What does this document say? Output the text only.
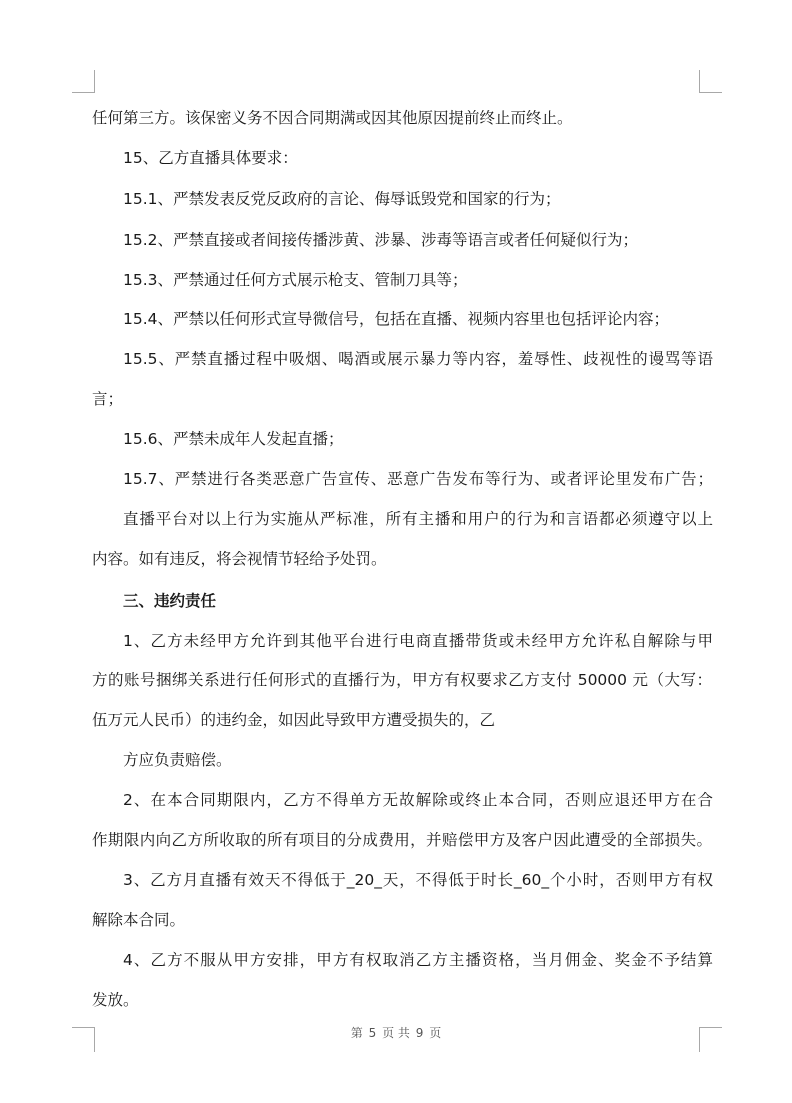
任何第三方。该保密义务不因合同期满或因其他原因提前终止而终止。
15、乙方直播具体要求：
15.1、严禁发表反党反政府的言论、侮辱诋毁党和国家的行为；
15.2、严禁直接或者间接传播涉黄、涉暴、涉毒等语言或者任何疑似行为；
15.3、严禁通过任何方式展示枪支、管制刀具等；
15.4、严禁以任何形式宣导微信号，包括在直播、视频内容里也包括评论内容；
15.5、严禁直播过程中吸烟、喝酒或展示暴力等内容，羞辱性、歧视性的谩骂等语
言；
15.6、严禁未成年人发起直播；
15.7、严禁进行各类恶意广告宣传、恶意广告发布等行为、或者评论里发布广告；
直播平台对以上行为实施从严标准，所有主播和用户的行为和言语都必须遵守以上
内容。如有违反，将会视情节轻给予处罚。
三、违约责任
1、乙方未经甲方允许到其他平台进行电商直播带货或未经甲方允许私自解除与甲
方的账号捆绑关系进行任何形式的直播行为，甲方有权要求乙方支付 50000 元（大写：
伍万元人民币）的违约金，如因此导致甲方遭受损失的，乙
方应负责赔偿。
2、在本合同期限内，乙方不得单方无故解除或终止本合同，否则应退还甲方在合
作期限内向乙方所收取的所有项目的分成费用，并赔偿甲方及客户因此遭受的全部损失。
3、乙方月直播有效天不得低于_20_天，不得低于时长_60_个小时，否则甲方有权
解除本合同。
4、乙方不服从甲方安排，甲方有权取消乙方主播资格，当月佣金、奖金不予结算
发放。
第 5 页 共 9 页
